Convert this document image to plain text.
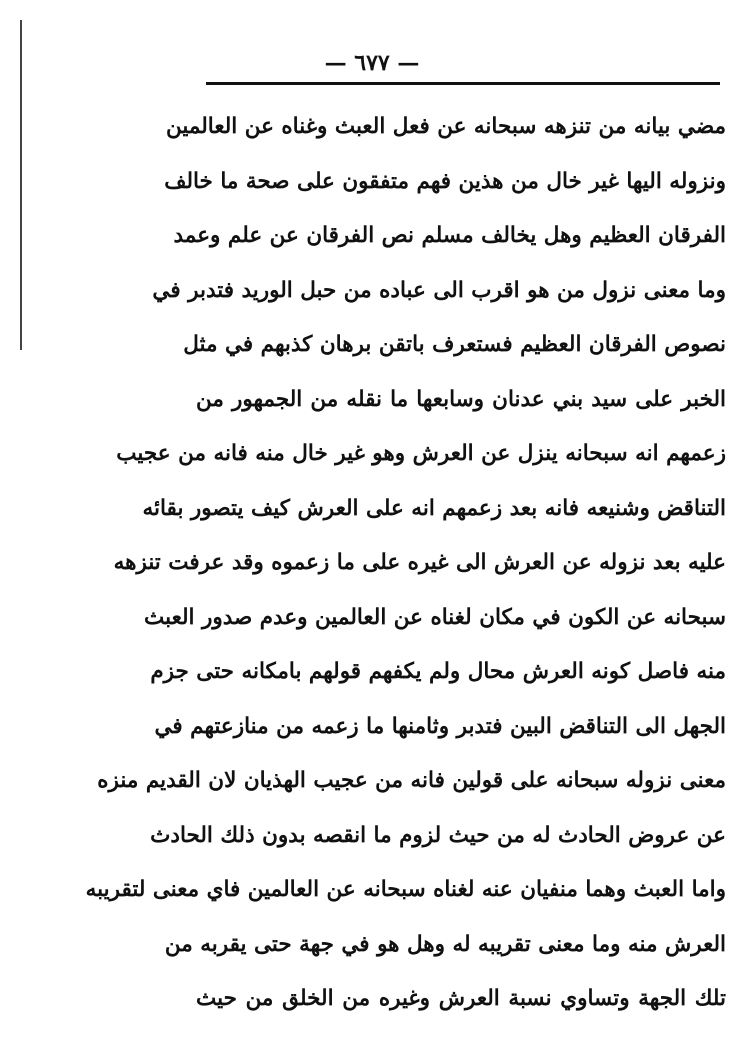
— ٦٧٧ —
مضي بيانه من تنزهه سبحانه عن فعل العبث وغناه عن العالمين
ونزوله اليها غير خال من هذين فهم متفقون على صحة ما خالف
الفرقان العظيم وهل يخالف مسلم نص الفرقان عن علم وعمد
وما معنى نزول من هو اقرب الى عباده من حبل الوريد فتدبر في
نصوص الفرقان العظيم فستعرف باتقن برهان كذبهم في مثل
الخبر على سيد بني عدنان وسابعها ما نقله من الجمهور من
زعمهم انه سبحانه ينزل عن العرش وهو غير خال منه فانه من عجيب
التناقض وشنيعه فانه بعد زعمهم انه على العرش كيف يتصور بقائه
عليه بعد نزوله عن العرش الى غيره على ما زعموه وقد عرفت تنزهه
سبحانه عن الكون في مكان لغناه عن العالمين وعدم صدور العبث
منه فاصل كونه العرش محال ولم يكفهم قولهم بامكانه حتى جزم
الجهل الى التناقض البين فتدبر وثامنها ما زعمه من منازعتهم في
معنى نزوله سبحانه على قولين فانه من عجيب الهذيان لان القديم منزه
عن عروض الحادث له من حيث لزوم ما انقصه بدون ذلك الحادث
واما العبث وهما منفيان عنه لغناه سبحانه عن العالمين فاي معنى لتقريبه
العرش منه وما معنى تقريبه له وهل هو في جهة حتى يقربه من
تلك الجهة وتساوي نسبة العرش وغيره من الخلق من حيث
